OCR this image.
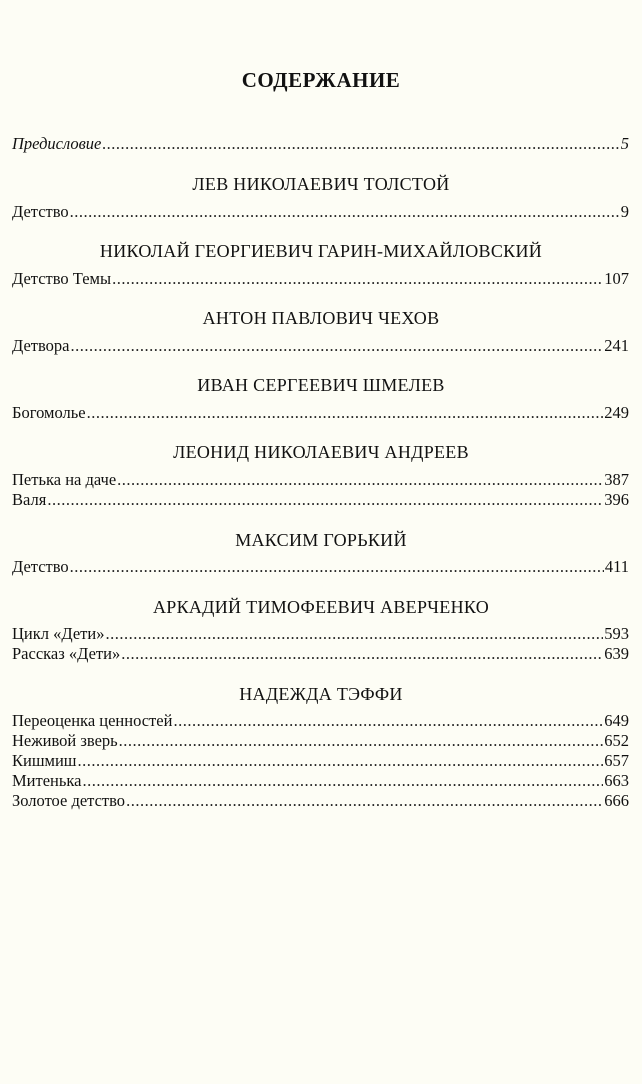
СОДЕРЖАНИЕ
Предисловие .....	5
ЛЕВ НИКОЛАЕВИЧ ТОЛСТОЙ
Детство .....	9
НИКОЛАЙ ГЕОРГИЕВИЧ ГАРИН-МИХАЙЛОВСКИЙ
Детство Темы .....	107
АНТОН ПАВЛОВИЧ ЧЕХОВ
Детвора .....	241
ИВАН СЕРГЕЕВИЧ ШМЕЛЕВ
Богомолье .....	249
ЛЕОНИД НИКОЛАЕВИЧ АНДРЕЕВ
Петька на даче .....	387
Валя .....	396
МАКСИМ ГОРЬКИЙ
Детство .....	411
АРКАДИЙ ТИМОФЕЕВИЧ АВЕРЧЕНКО
Цикл «Дети» .....	593
Рассказ «Дети» .....	639
НАДЕЖДА ТЭФФИ
Переоценка ценностей .....	649
Неживой зверь .....	652
Кишмиш .....	657
Митенька .....	663
Золотое детство .....	666
